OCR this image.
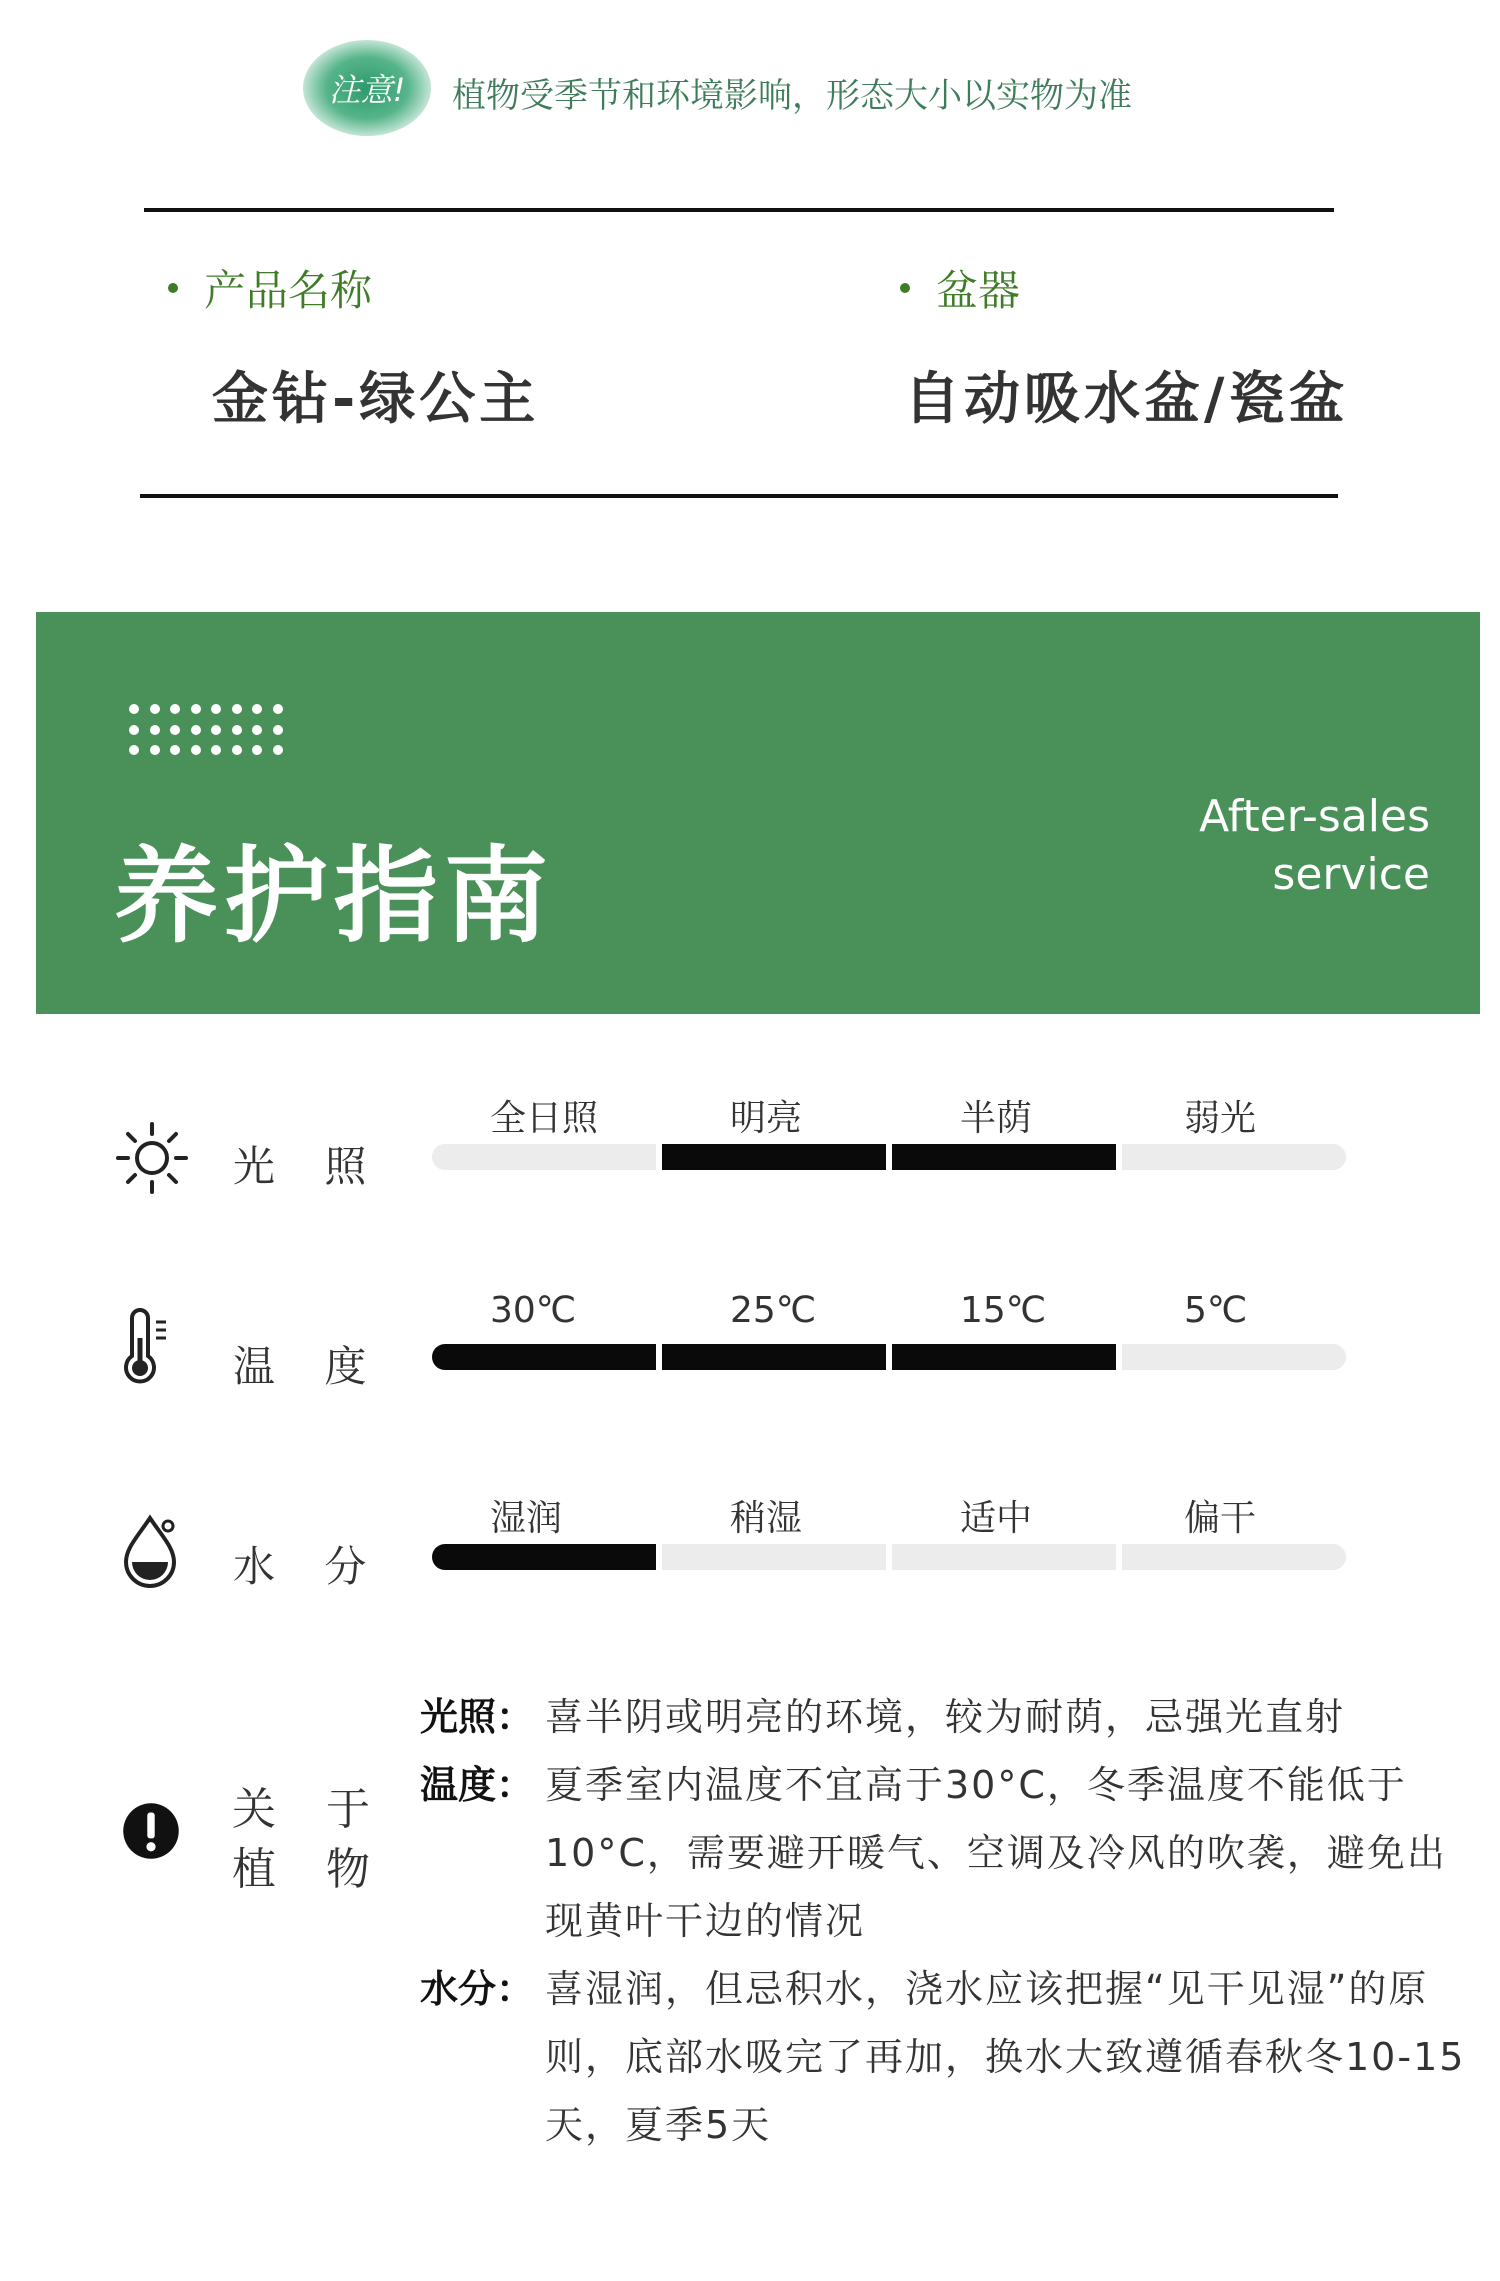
注意!	植物受季节和环境影响，形态大小以实物为准
产品名称
金钻-绿公主
盆器
自动吸水盆/瓷盆
养护指南
After-sales
service
光 照
全日照	明亮	半荫	弱光
温 度
30℃	25℃	15℃	5℃
水 分
湿润	稍湿	适中	偏干
关 于
植 物
光照： 喜半阴或明亮的环境，较为耐荫，忌强光直射
温度： 夏季室内温度不宜高于30°C，冬季温度不能低于10°C，需要避开暖气、空调及冷风的吹袭，避免出现黄叶干边的情况
水分： 喜湿润，但忌积水，浇水应该把握“见干见湿”的原则，底部水吸完了再加，换水大致遵循春秋冬10-15天，夏季5天
